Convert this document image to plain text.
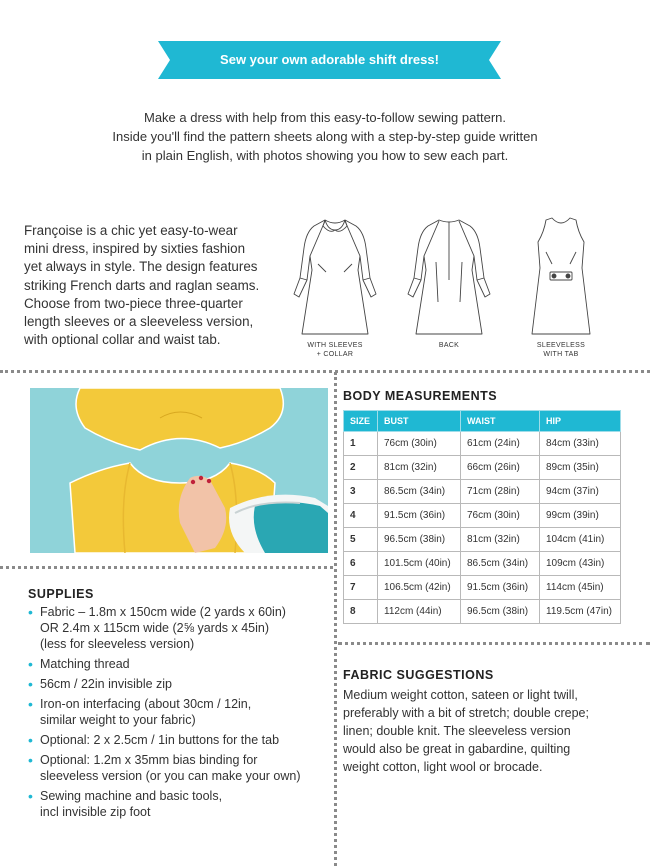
Sew your own adorable shift dress!
Make a dress with help from this easy-to-follow sewing pattern.
Inside you'll find the pattern sheets along with a step-by-step guide written
in plain English, with photos showing you how to sew each part.
Françoise is a chic yet easy-to-wear
mini dress, inspired by sixties fashion
yet always in style. The design features
striking French darts and raglan seams.
Choose from two-piece three-quarter
length sleeves or a sleeveless version,
with optional collar and waist tab.	WITH SLEEVES
+ COLLAR
BACK	SLEEVELESS
WITH TAB
BODY MEASUREMENTS
SIZE	BUST	WAIST	HIP
1	76cm (30in)	61cm (24in)	84cm (33in)
2	81cm (32in)	66cm (26in)	89cm (35in)
3	86.5cm (34in)	71cm (28in)	94cm (37in)
4	91.5cm (36in)	76cm (30in)	99cm (39in)
5	96.5cm (38in)	81cm (32in)	104cm (41in)
6	101.5cm (40in)	86.5cm (34in)	109cm (43in)
7	106.5cm (42in)	91.5cm (36in)	114cm (45in)
8	112cm (44in)	96.5cm (38in)	119.5cm (47in)
SUPPLIES
• Fabric – 1.8m x 150cm wide (2 yards x 60in)
OR 2.4m x 115cm wide (2⅝ yards x 45in)
(less for sleeveless version)
• Matching thread
• 56cm / 22in invisible zip
• Iron-on interfacing (about 30cm / 12in,
similar weight to your fabric)
• Optional: 2 x 2.5cm / 1in buttons for the tab
• Optional: 1.2m x 35mm bias binding for
sleeveless version (or you can make your own)
• Sewing machine and basic tools,
incl invisible zip foot
FABRIC SUGGESTIONS
Medium weight cotton, sateen or light twill,
preferably with a bit of stretch; double crepe;
linen; double knit. The sleeveless version
would also be great in gabardine, quilting
weight cotton, light wool or brocade.
